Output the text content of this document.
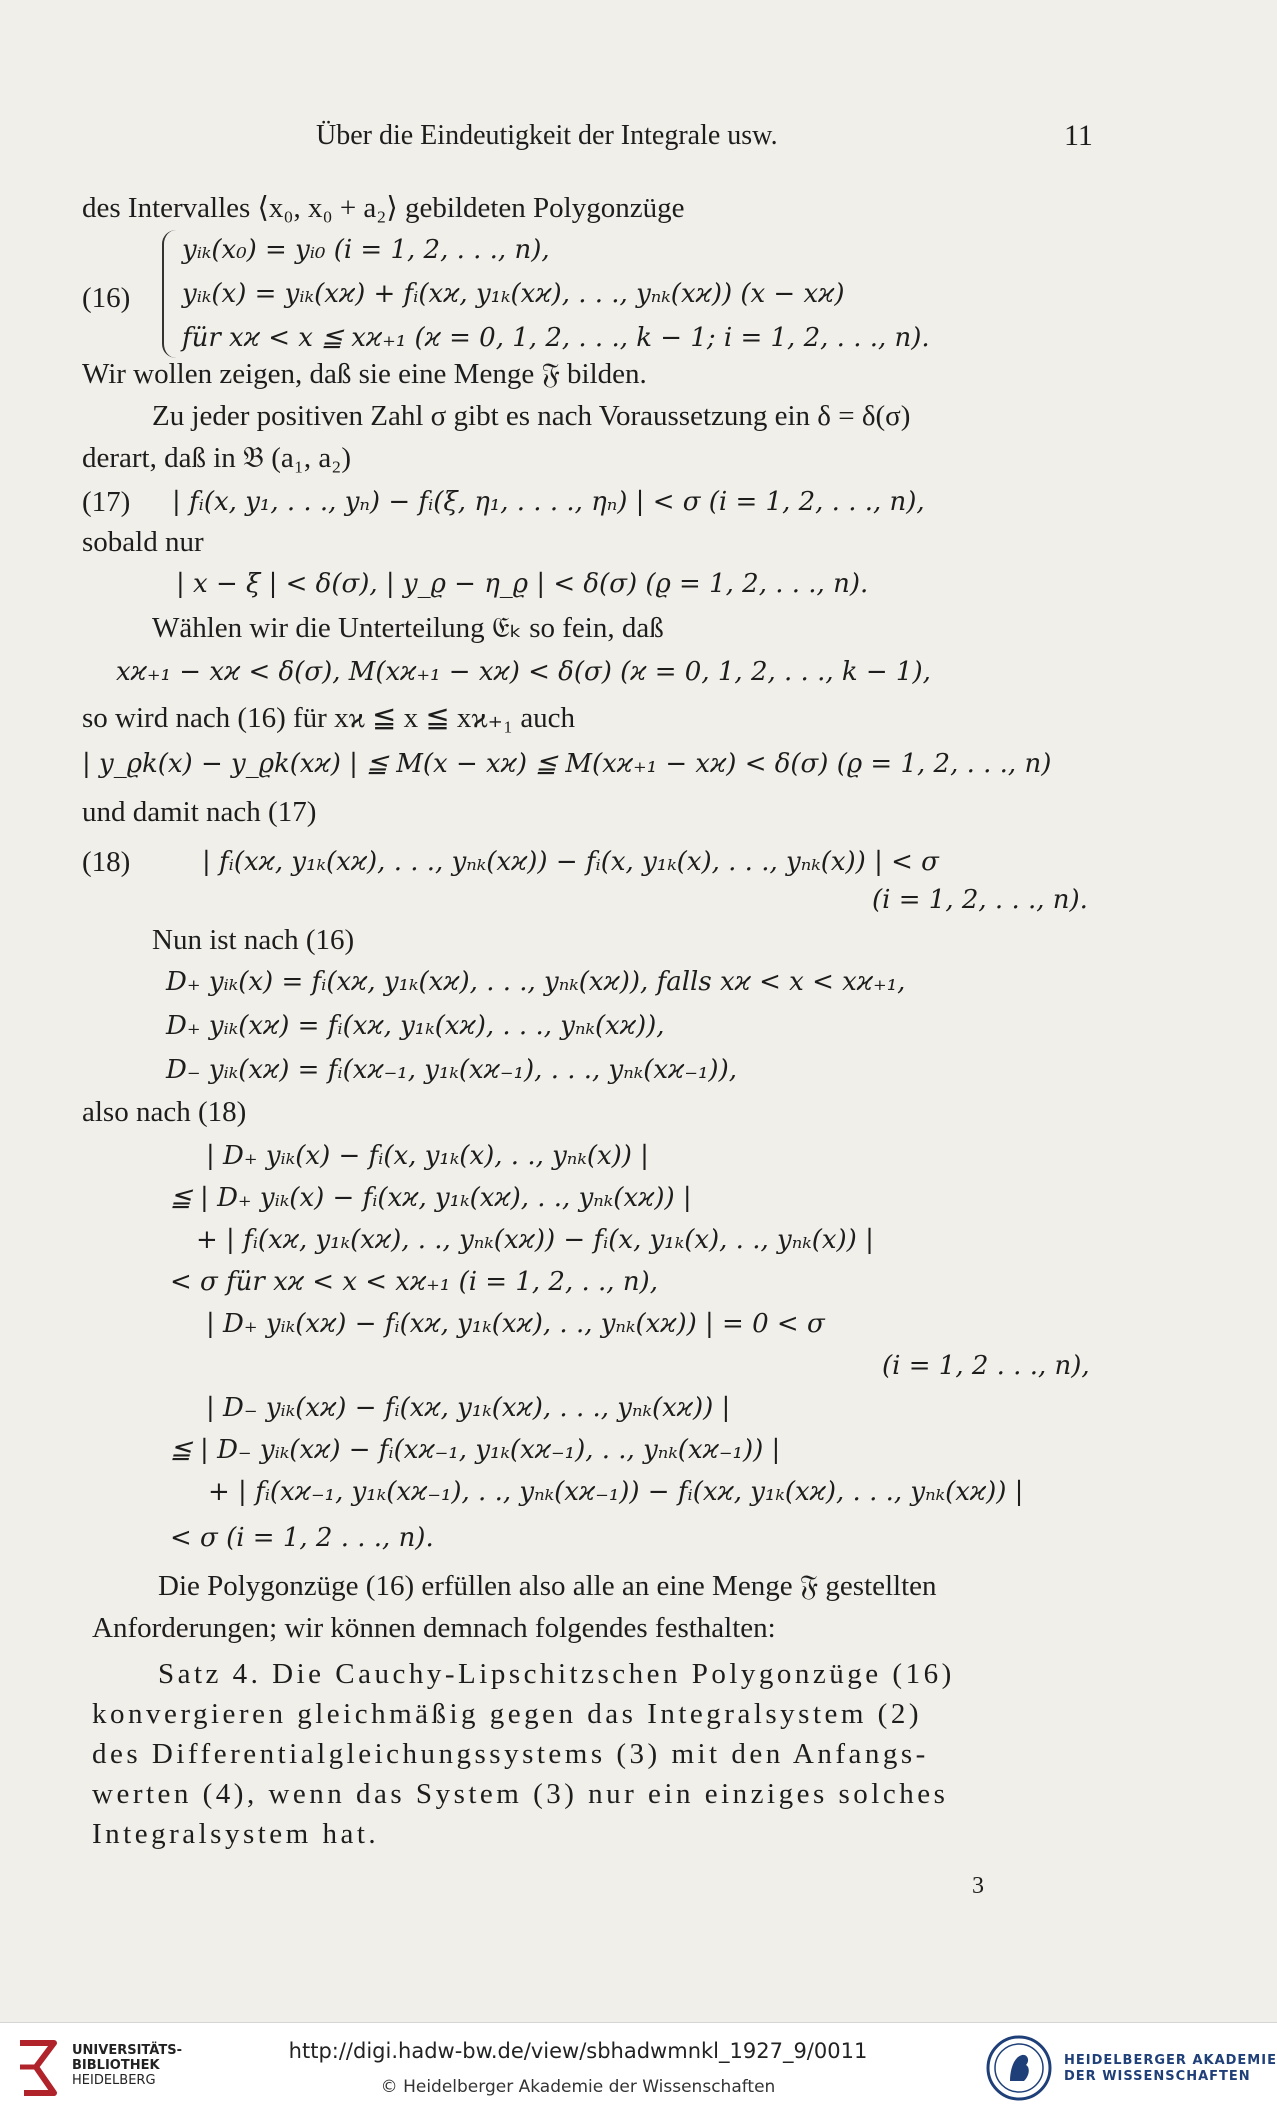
Über die Eindeutigkeit der Integrale usw.	11
des Intervalles ⟨x₀, x₀ + a₂⟩ gebildeten Polygonzüge
(16)
yᵢₖ(x₀) = yᵢ₀ (i = 1, 2, . . ., n),
yᵢₖ(x) = yᵢₖ(xϰ) + fᵢ(xϰ, y₁ₖ(xϰ), . . ., yₙₖ(xϰ)) (x − xϰ)
für xϰ < x ≦ xϰ₊₁ (ϰ = 0, 1, 2, . . ., k − 1; i = 1, 2, . . ., n).
Wir wollen zeigen, daß sie eine Menge 𝔉 bilden.
Zu jeder positiven Zahl σ gibt es nach Voraussetzung ein δ = δ(σ)
derart, daß in 𝔅 (a₁, a₂)
(17) | fᵢ(x, y₁, . . ., yₙ) − fᵢ(ξ, η₁, . . . ., ηₙ) | < σ (i = 1, 2, . . ., n),
sobald nur
| x − ξ | < δ(σ), | y_ϱ − η_ϱ | < δ(σ) (ϱ = 1, 2, . . ., n).
Wählen wir die Unterteilung 𝔈ₖ so fein, daß
xϰ₊₁ − xϰ < δ(σ), M(xϰ₊₁ − xϰ) < δ(σ) (ϰ = 0, 1, 2, . . ., k − 1),
so wird nach (16) für xϰ ≦ x ≦ xϰ₊₁ auch
| y_ϱk(x) − y_ϱk(xϰ) | ≦ M(x − xϰ) ≦ M(xϰ₊₁ − xϰ) < δ(σ) (ϱ = 1, 2, . . ., n)
und damit nach (17)
(18)	| fᵢ(xϰ, y₁ₖ(xϰ), . . ., yₙₖ(xϰ)) − fᵢ(x, y₁ₖ(x), . . ., yₙₖ(x)) | < σ
(i = 1, 2, . . ., n).
Nun ist nach (16)
D₊ yᵢₖ(x) = fᵢ(xϰ, y₁ₖ(xϰ), . . ., yₙₖ(xϰ)), falls xϰ < x < xϰ₊₁,
D₊ yᵢₖ(xϰ) = fᵢ(xϰ, y₁ₖ(xϰ), . . ., yₙₖ(xϰ)),
D₋ yᵢₖ(xϰ) = fᵢ(xϰ₋₁, y₁ₖ(xϰ₋₁), . . ., yₙₖ(xϰ₋₁)),
also nach (18)
| D₊ yᵢₖ(x) − fᵢ(x, y₁ₖ(x), . ., yₙₖ(x)) |
≦ | D₊ yᵢₖ(x) − fᵢ(xϰ, y₁ₖ(xϰ), . ., yₙₖ(xϰ)) |
+ | fᵢ(xϰ, y₁ₖ(xϰ), . ., yₙₖ(xϰ)) − fᵢ(x, y₁ₖ(x), . ., yₙₖ(x)) |
< σ für xϰ < x < xϰ₊₁ (i = 1, 2, . ., n),
| D₊ yᵢₖ(xϰ) − fᵢ(xϰ, y₁ₖ(xϰ), . ., yₙₖ(xϰ)) | = 0 < σ
(i = 1, 2 . . ., n),
| D₋ yᵢₖ(xϰ) − fᵢ(xϰ, y₁ₖ(xϰ), . . ., yₙₖ(xϰ)) |
≦ | D₋ yᵢₖ(xϰ) − fᵢ(xϰ₋₁, y₁ₖ(xϰ₋₁), . ., yₙₖ(xϰ₋₁)) |
+ | fᵢ(xϰ₋₁, y₁ₖ(xϰ₋₁), . ., yₙₖ(xϰ₋₁)) − fᵢ(xϰ, y₁ₖ(xϰ), . . ., yₙₖ(xϰ)) |
< σ (i = 1, 2 . . ., n).
Die Polygonzüge (16) erfüllen also alle an eine Menge 𝔉 gestellten
Anforderungen; wir können demnach folgendes festhalten:
Satz 4. Die Cauchy-Lipschitzschen Polygonzüge (16)
konvergieren gleichmäßig gegen das Integralsystem (2)
des Differentialgleichungssystems (3) mit den Anfangs-
werten (4), wenn das System (3) nur ein einziges solches
Integralsystem hat.
3
UNIVERSITÄTS-
BIBLIOTHEK
HEIDELBERG
http://digi.hadw-bw.de/view/sbhadwmnkl_1927_9/0011
© Heidelberger Akademie der Wissenschaften
HEIDELBERGER AKADEMIE
DER WISSENSCHAFTEN
